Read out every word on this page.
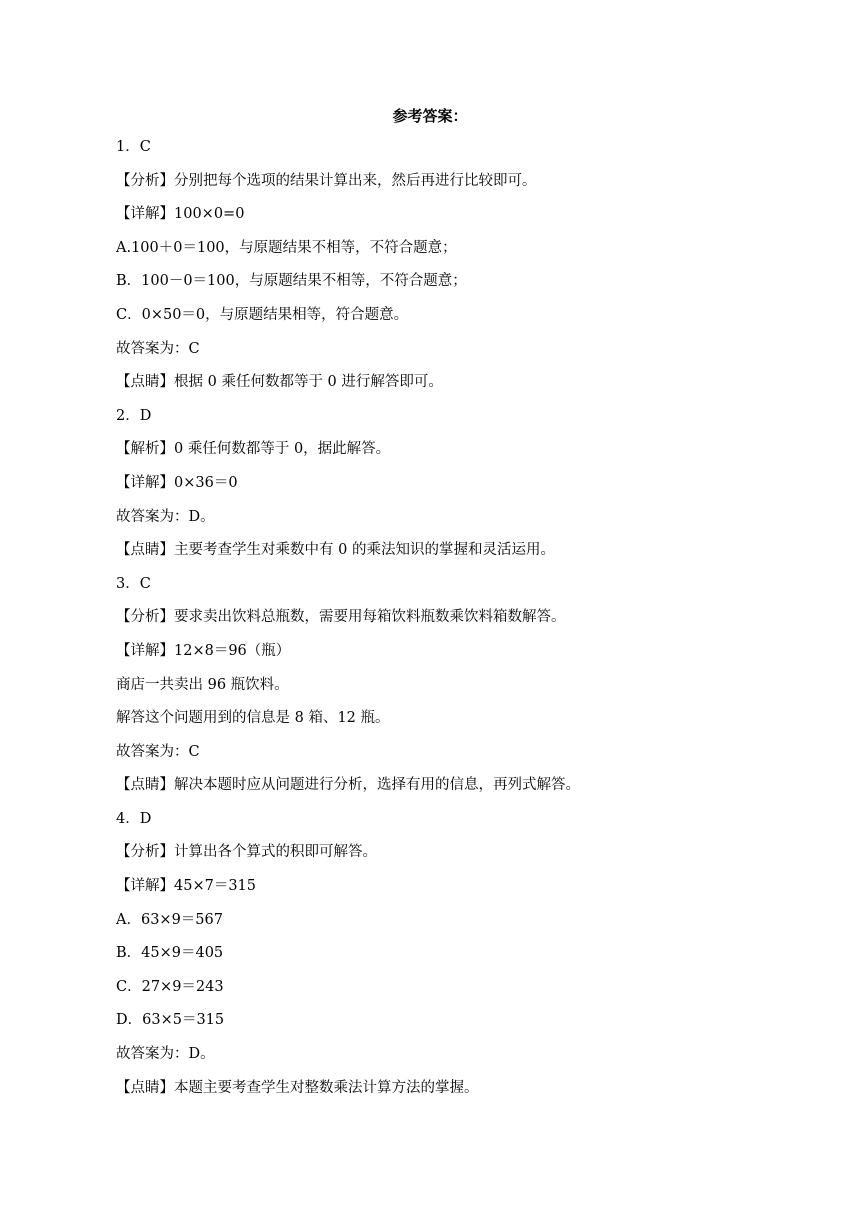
参考答案：
1．C
【分析】分别把每个选项的结果计算出来，然后再进行比较即可。
【详解】100×0=0
A.100＋0＝100，与原题结果不相等，不符合题意；
B．100－0＝100，与原题结果不相等，不符合题意；
C．0×50＝0，与原题结果相等，符合题意。
故答案为：C
【点睛】根据 0 乘任何数都等于 0 进行解答即可。
2．D
【解析】0 乘任何数都等于 0，据此解答。
【详解】0×36＝0
故答案为：D。
【点睛】主要考查学生对乘数中有 0 的乘法知识的掌握和灵活运用。
3．C
【分析】要求卖出饮料总瓶数，需要用每箱饮料瓶数乘饮料箱数解答。
【详解】12×8＝96（瓶）
商店一共卖出 96 瓶饮料。
解答这个问题用到的信息是 8 箱、12 瓶。
故答案为：C
【点睛】解决本题时应从问题进行分析，选择有用的信息，再列式解答。
4．D
【分析】计算出各个算式的积即可解答。
【详解】45×7＝315
A．63×9＝567
B．45×9＝405
C．27×9＝243
D．63×5＝315
故答案为：D。
【点睛】本题主要考查学生对整数乘法计算方法的掌握。
